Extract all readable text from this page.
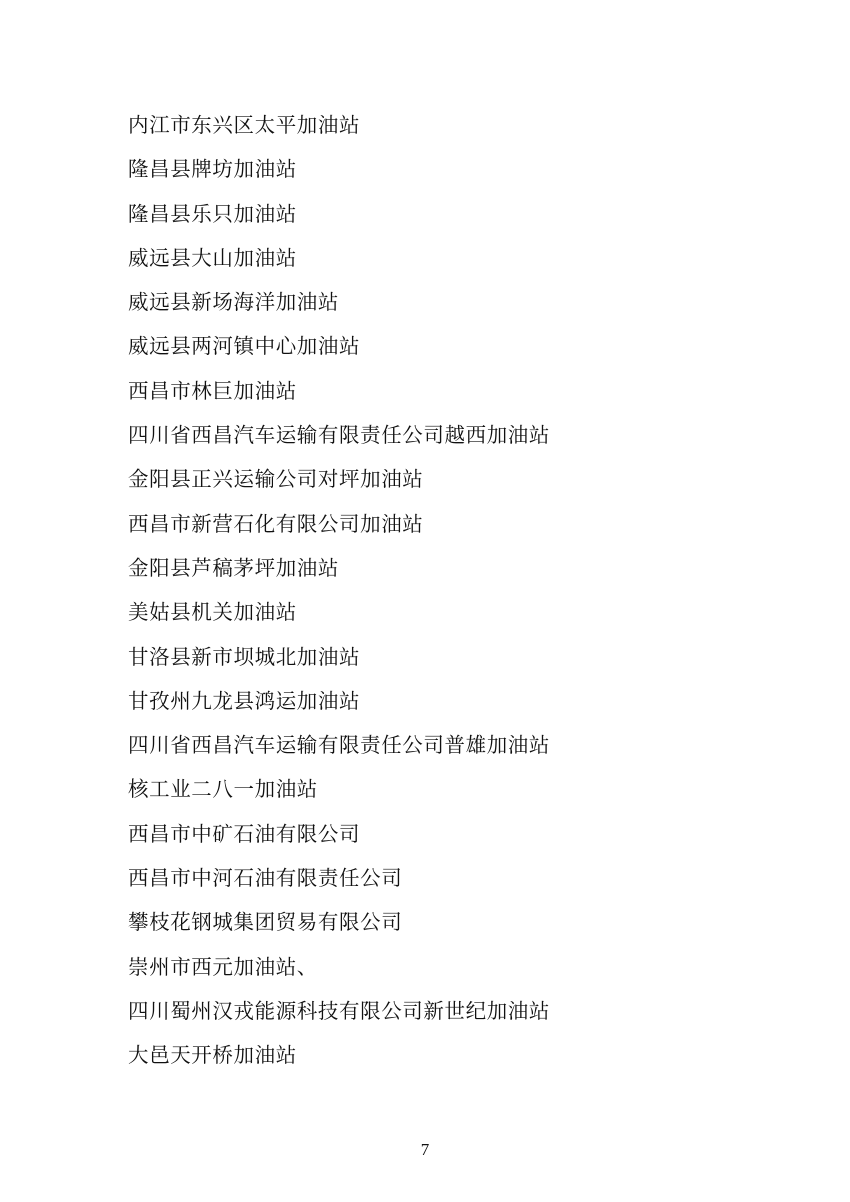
内江市东兴区太平加油站
隆昌县牌坊加油站
隆昌县乐只加油站
威远县大山加油站
威远县新场海洋加油站
威远县两河镇中心加油站
西昌市林巨加油站
四川省西昌汽车运输有限责任公司越西加油站
金阳县正兴运输公司对坪加油站
西昌市新营石化有限公司加油站
金阳县芦稿茅坪加油站
美姑县机关加油站
甘洛县新市坝城北加油站
甘孜州九龙县鸿运加油站
四川省西昌汽车运输有限责任公司普雄加油站
核工业二八一加油站
西昌市中矿石油有限公司
西昌市中河石油有限责任公司
攀枝花钢城集团贸易有限公司
崇州市西元加油站、
四川蜀州汉戎能源科技有限公司新世纪加油站
大邑天开桥加油站
7
